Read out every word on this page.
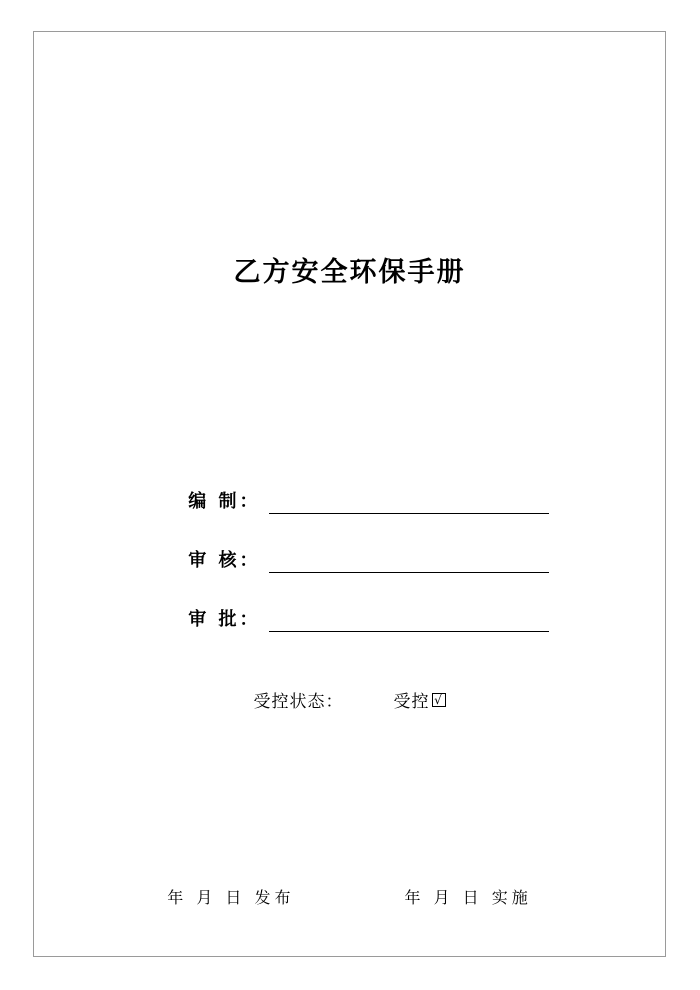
乙方安全环保手册
编 制：
审 核：
审 批：
受控状态：	受控 √
年 月 日 发布	年 月 日 实施
